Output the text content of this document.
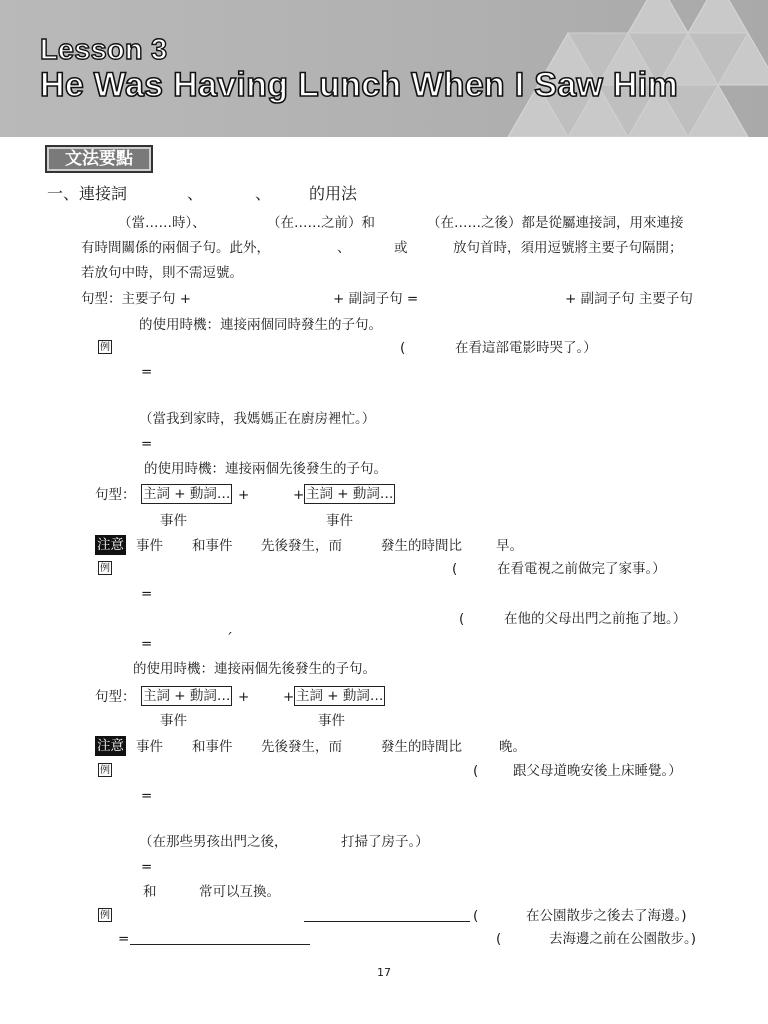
Lesson 3
He Was Having Lunch When I Saw Him
文法要點
一、連接詞	、	、 的用法
（當……時）、	（在……之前）和	（在……之後）都是從屬連接詞，用來連接
有時間關係的兩個子句。此外，	、	或	放句首時，須用逗號將主要子句隔開；
若放句中時，則不需逗號。
句型：主要子句 +	+ 副詞子句 =	+ 副詞子句 主要子句
的使用時機：連接兩個同時發生的子句。
例	(	在看這部電影時哭了。）
=
（當我到家時，我媽媽正在廚房裡忙。）
=
的使用時機：連接兩個先後發生的子句。
句型： 主詞 + 動詞… +	+ 主詞 + 動詞…
事件	事件
注意 事件 和事件 先後發生，而	發生的時間比	早。
例	(	在看電視之前做完了家事。）
=
(	在他的父母出門之前拖了地。）
=	ˊ
的使用時機：連接兩個先後發生的子句。
句型： 主詞 + 動詞… + + 主詞 + 動詞…
事件	事件
注意 事件 和事件 先後發生，而	發生的時間比	晚。
例	(	跟父母道晚安後上床睡覺。）
=
（在那些男孩出門之後，	打掃了房子。）
=
和	常可以互換。
例	(	在公園散步之後去了海邊。)
=	(	去海邊之前在公園散步。)
17
